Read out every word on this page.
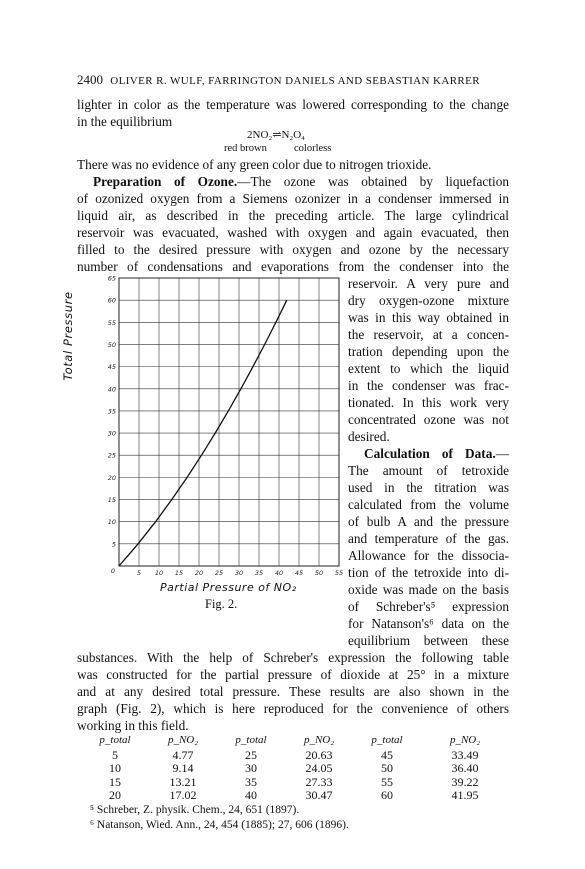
2400 OLIVER R. WULF, FARRINGTON DANIELS AND SEBASTIAN KARRER
lighter in color as the temperature was lowered corresponding to the change
in the equilibrium
2NO₂⇌N₂O₄
red brown	colorless
There was no evidence of any green color due to nitrogen trioxide.
Preparation of Ozone.—The ozone was obtained by liquefaction
of ozonized oxygen from a Siemens ozonizer in a condenser immersed in
liquid air, as described in the preceding article. The large cylindrical
reservoir was evacuated, washed with oxygen and again evacuated, then
filled to the desired pressure with oxygen and ozone by the necessary
number of condensations and evaporations from the condenser into the
reservoir. A very pure and
dry oxygen-ozone mixture
was in this way obtained in
the reservoir, at a concen-
tration depending upon the
extent to which the liquid
in the condenser was frac-
tionated. In this work very
concentrated ozone was not
desired.
Calculation of Data.—
The amount of tetroxide
used in the titration was
calculated from the volume
of bulb A and the pressure
and temperature of the gas.
Allowance for the dissocia-
tion of the tetroxide into di-
oxide was made on the basis
of Schreber's⁵ expression
for Natanson's⁶ data on the
equilibrium between these
5 10 15 20 25 30 35 40 45 50 55
5
10
15
20
25
30
35
40
45
50
55
60
65
0
Total Pressure
Partial Pressure of NO₂
Fig. 2.
substances. With the help of Schreber's expression the following table
was constructed for the partial pressure of dioxide at 25° in a mixture
and at any desired total pressure. These results are also shown in the
graph (Fig. 2), which is here reproduced for the convenience of others
working in this field.
p_total	p_NO₂	p_total	p_NO₂	p_total	p_NO₂
5	4.77	25	20.63	45	33.49
10	9.14	30	24.05	50	36.40
15	13.21	35	27.33	55	39.22
20	17.02	40	30.47	60	41.95
⁵ Schreber, Z. physik. Chem., 24, 651 (1897).
⁶ Natanson, Wied. Ann., 24, 454 (1885); 27, 606 (1896).
